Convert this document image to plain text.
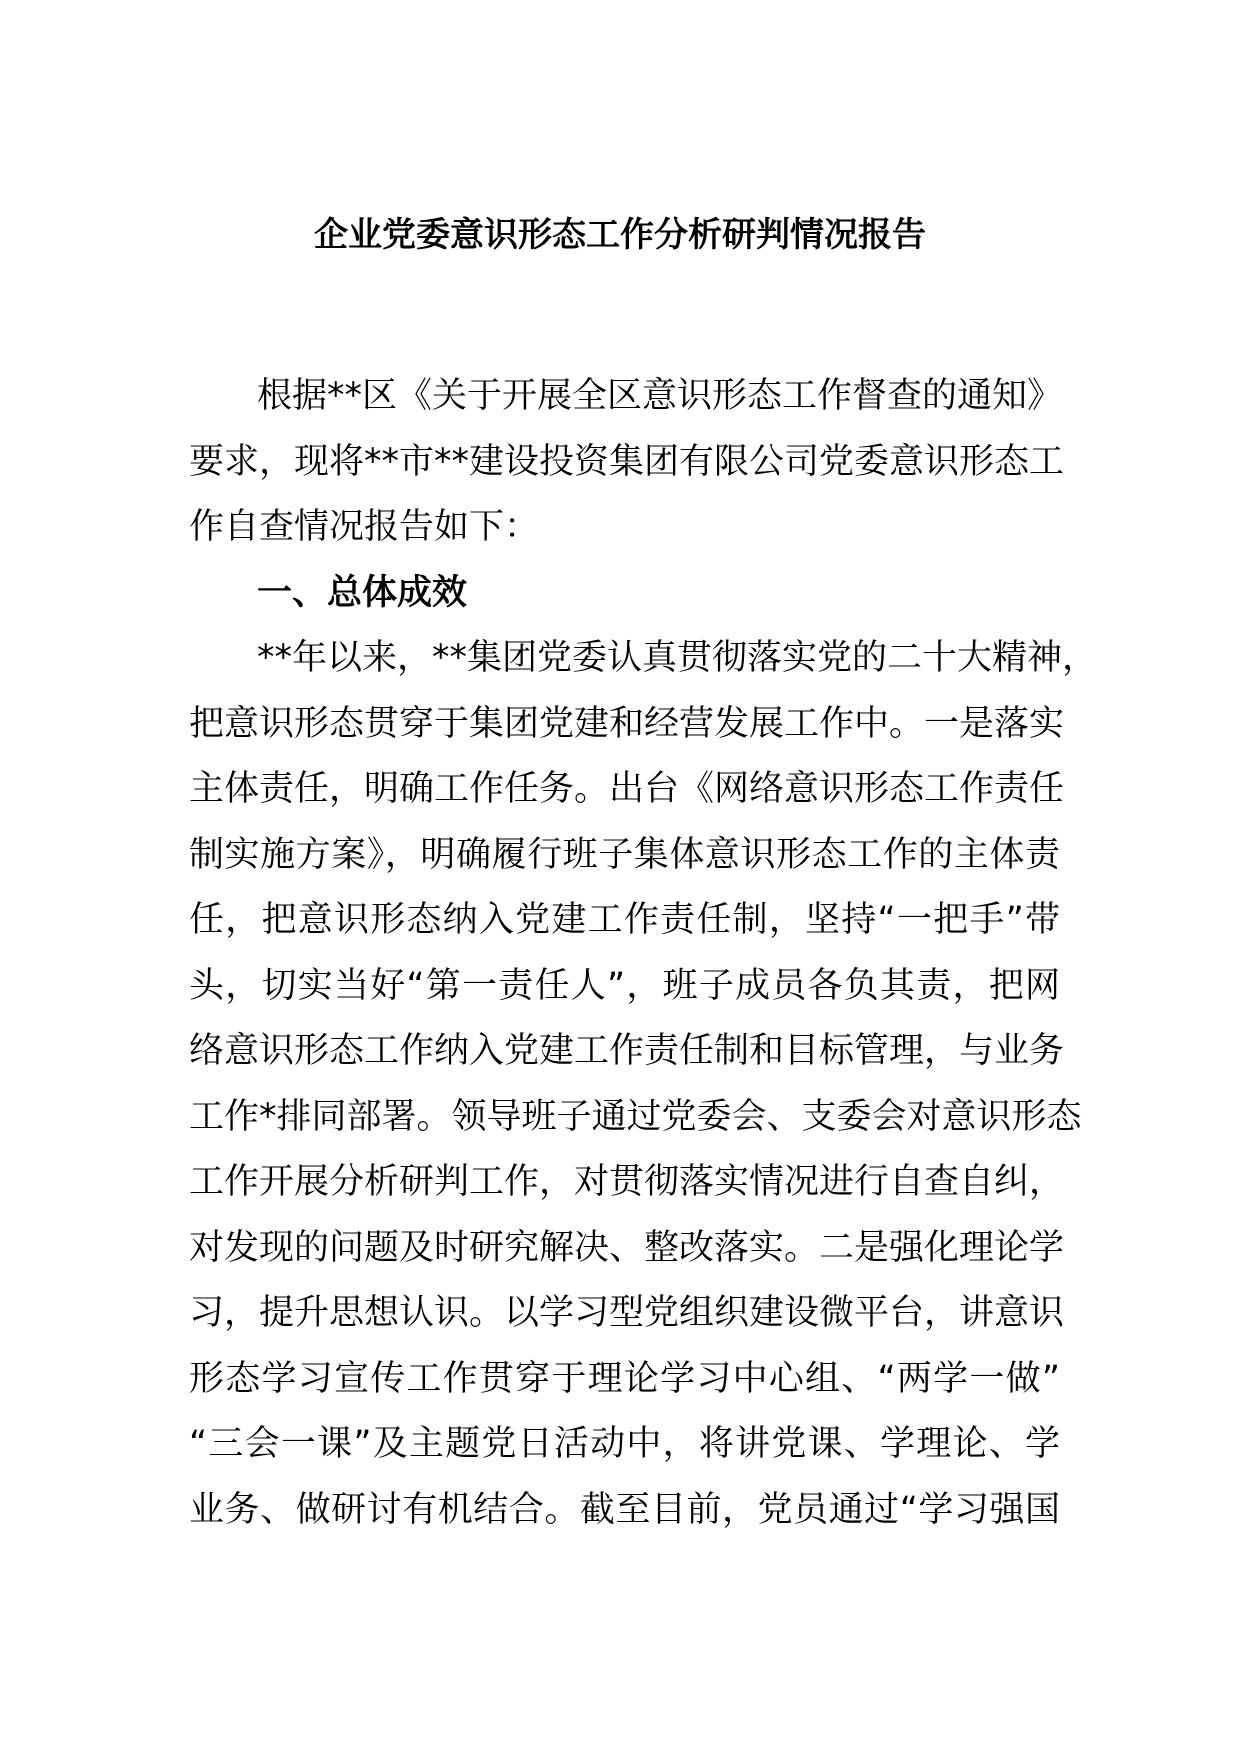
企业党委意识形态工作分析研判情况报告
根据**区《关于开展全区意识形态工作督查的通知》
要求，现将**市**建设投资集团有限公司党委意识形态工
作自查情况报告如下：
一、总体成效
**年以来，**集团党委认真贯彻落实党的二十大精神，
把意识形态贯穿于集团党建和经营发展工作中。一是落实
主体责任，明确工作任务。出台《网络意识形态工作责任
制实施方案》，明确履行班子集体意识形态工作的主体责
任，把意识形态纳入党建工作责任制，坚持“一把手”带
头，切实当好“第一责任人”，班子成员各负其责，把网
络意识形态工作纳入党建工作责任制和目标管理，与业务
工作*排同部署。领导班子通过党委会、支委会对意识形态
工作开展分析研判工作，对贯彻落实情况进行自查自纠，
对发现的问题及时研究解决、整改落实。二是强化理论学
习，提升思想认识。以学习型党组织建设微平台，讲意识
形态学习宣传工作贯穿于理论学习中心组、“两学一做”
“三会一课”及主题党日活动中，将讲党课、学理论、学
业务、做研讨有机结合。截至目前，党员通过“学习强国
